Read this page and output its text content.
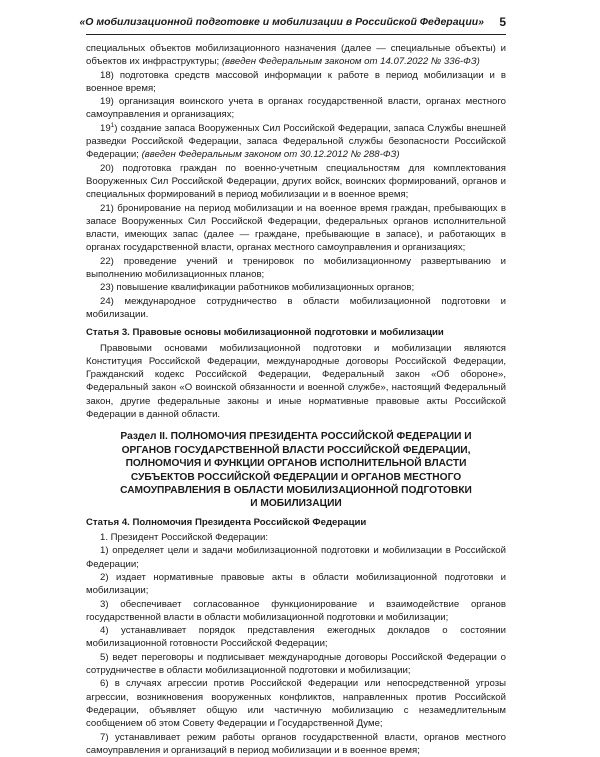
«О мобилизационной подготовке и мобилизации в Российской Федерации» 5

специальных объектов мобилизационного назначения (далее — специальные объекты) и объектов их инфраструктуры; (введен Федеральным законом от 14.07.2022 № 336-ФЗ)

18) подготовка средств массовой информации к работе в период мобилизации и в военное время;

19) организация воинского учета в органах государственной власти, органах местного самоуправления и организациях;

$19^1$) создание запаса Вооруженных Сил Российской Федерации, запаса Службы внешней разведки Российской Федерации, запаса Федеральной службы безопасности Российской Федерации; (введен Федеральным законом от 30.12.2012 № 288-ФЗ)

20) подготовка граждан по военно-учетным специальностям для комплектования Вооруженных Сил Российской Федерации, других войск, воинских формирований, органов и специальных формирований в период мобилизации и в военное время;

21) бронирование на период мобилизации и на военное время граждан, пребывающих в запасе Вооруженных Сил Российской Федерации, федеральных органов исполнительной власти, имеющих запас (далее — граждане, пребывающие в запасе), и работающих в органах государственной власти, органах местного самоуправления и организациях;

22) проведение учений и тренировок по мобилизационному развертыванию и выполнению мобилизационных планов;

23) повышение квалификации работников мобилизационных органов;

24) международное сотрудничество в области мобилизационной подготовки и мобилизации.

Статья 3. Правовые основы мобилизационной подготовки и мобилизации

Правовыми основами мобилизационной подготовки и мобилизации являются Конституция Российской Федерации, международные договоры Российской Федерации, Гражданский кодекс Российской Федерации, Федеральный закон «Об обороне», Федеральный закон «О воинской обязанности и военной службе», настоящий Федеральный закон, другие федеральные законы и иные нормативные правовые акты Российской Федерации в данной области.

Раздел II. ПОЛНОМОЧИЯ ПРЕЗИДЕНТА РОССИЙСКОЙ ФЕДЕРАЦИИ И ОРГАНОВ ГОСУДАРСТВЕННОЙ ВЛАСТИ РОССИЙСКОЙ ФЕДЕРАЦИИ, ПОЛНОМОЧИЯ И ФУНКЦИИ ОРГАНОВ ИСПОЛНИТЕЛЬНОЙ ВЛАСТИ СУБЪЕКТОВ РОССИЙСКОЙ ФЕДЕРАЦИИ И ОРГАНОВ МЕСТНОГО САМОУПРАВЛЕНИЯ В ОБЛАСТИ МОБИЛИЗАЦИОННОЙ ПОДГОТОВКИ И МОБИЛИЗАЦИИ

Статья 4. Полномочия Президента Российской Федерации

1. Президент Российской Федерации:

1) определяет цели и задачи мобилизационной подготовки и мобилизации в Российской Федерации;

2) издает нормативные правовые акты в области мобилизационной подготовки и мобилизации;

3) обеспечивает согласованное функционирование и взаимодействие органов государственной власти в области мобилизационной подготовки и мобилизации;

4) устанавливает порядок представления ежегодных докладов о состоянии мобилизационной готовности Российской Федерации;

5) ведет переговоры и подписывает международные договоры Российской Федерации о сотрудничестве в области мобилизационной подготовки и мобилизации;

6) в случаях агрессии против Российской Федерации или непосредственной угрозы агрессии, возникновения вооруженных конфликтов, направленных против Российской Федерации, объявляет общую или частичную мобилизацию с незамедлительным сообщением об этом Совету Федерации и Государственной Думе;

7) устанавливает режим работы органов государственной власти, органов местного самоуправления и организаций в период мобилизации и в военное время;
